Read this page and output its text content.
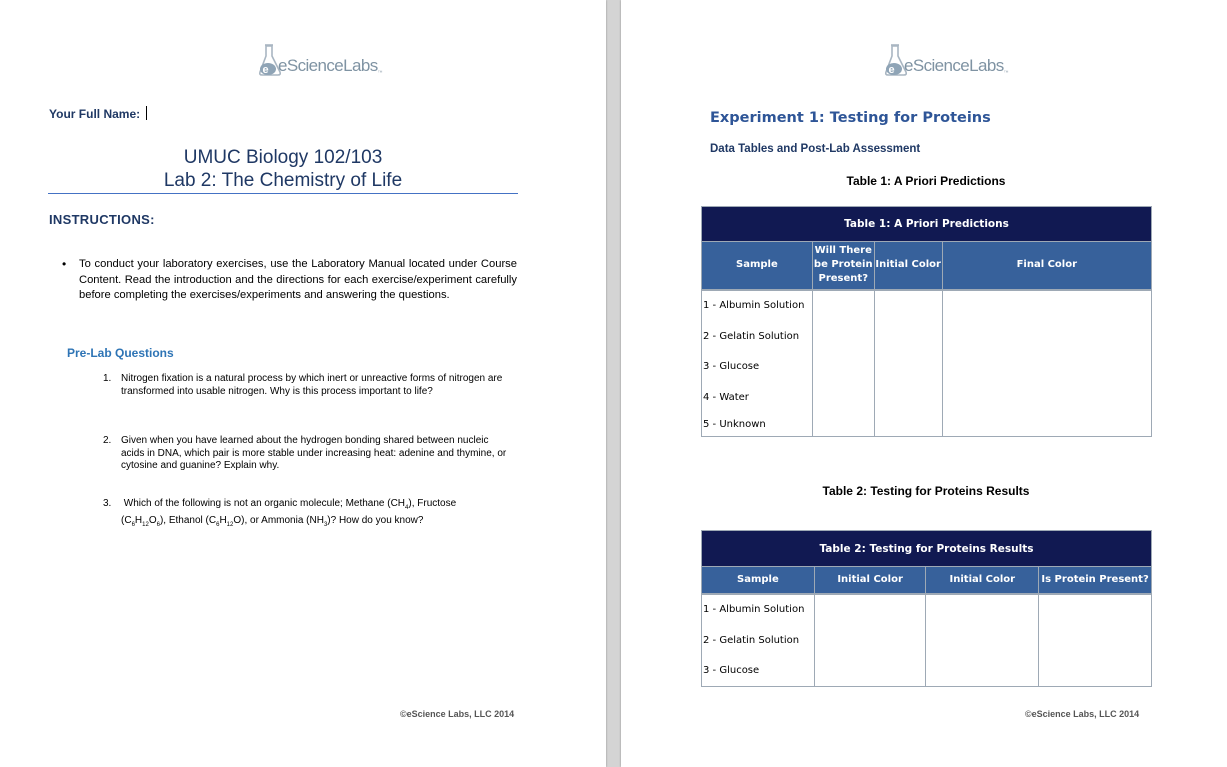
e eScienceLabs™
Your Full Name:
UMUC Biology 102/103
Lab 2: The Chemistry of Life
INSTRUCTIONS:
• To conduct your laboratory exercises, use the Laboratory Manual located under Course Content. Read the introduction and the directions for each exercise/experiment carefully before completing the exercises/experiments and answering the questions.
Pre-Lab Questions
1. Nitrogen fixation is a natural process by which inert or unreactive forms of nitrogen are transformed into usable nitrogen. Why is this process important to life?
2. Given when you have learned about the hydrogen bonding shared between nucleic acids in DNA, which pair is more stable under increasing heat: adenine and thymine, or cytosine and guanine? Explain why.
3. Which of the following is not an organic molecule; Methane $(CH_4)$, Fructose $(C_6H_{12}O_6)$, Ethanol $(C_6H_{12}O)$, or Ammonia $(NH_3)$? How do you know?
©eScience Labs, LLC 2014
e eScienceLabs™
Experiment 1: Testing for Proteins
Data Tables and Post-Lab Assessment
Table 1: A Priori Predictions
Table 1: A Priori Predictions			
Sample	Will There be Protein Present?	Initial Color	Final Color
1 - Albumin Solution			
2 - Gelatin Solution			
3 - Glucose			
4 - Water			
5 - Unknown			
Table 2: Testing for Proteins Results
Table 2: Testing for Proteins Results			
Sample	Initial Color	Initial Color	Is Protein Present?
1 - Albumin Solution			
2 - Gelatin Solution			
3 - Glucose			
©eScience Labs, LLC 2014
